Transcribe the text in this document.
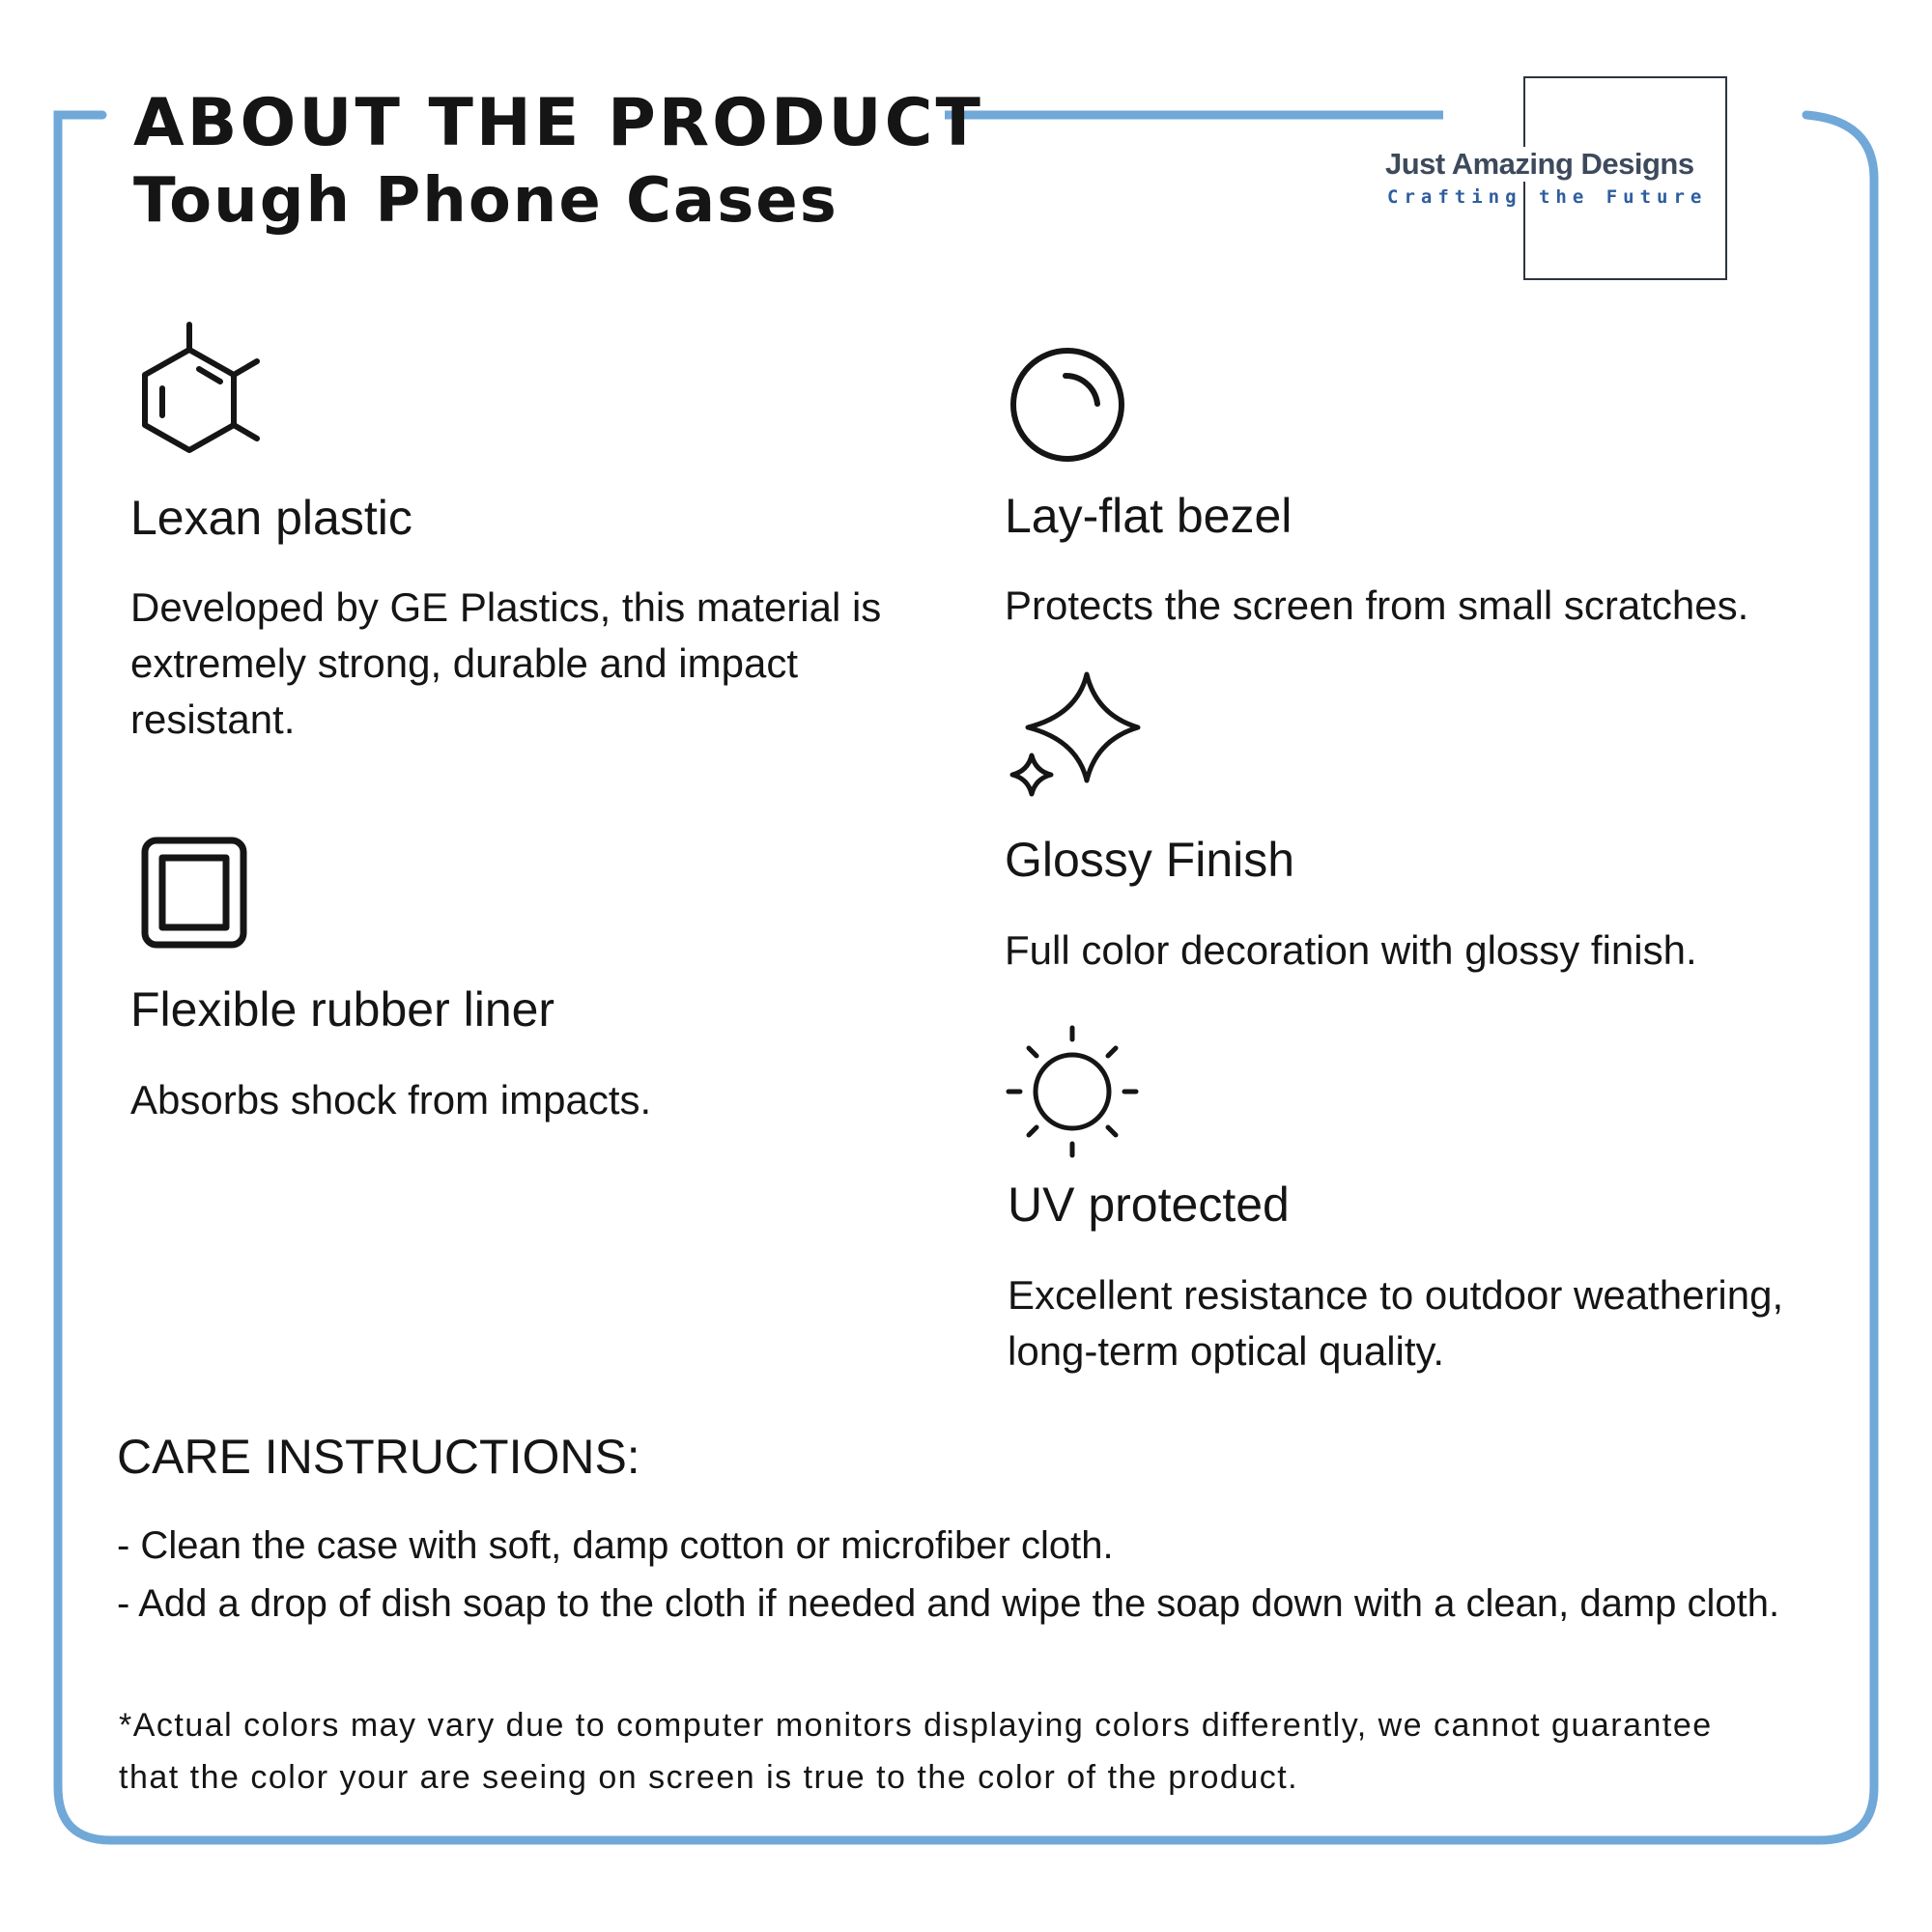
ABOUT THE PRODUCT
Tough Phone Cases
Just Amazing Designs
Crafting the Future
Lexan plastic
Developed by GE Plastics, this material is extremely strong, durable and impact resistant.
Flexible rubber liner
Absorbs shock from impacts.
Lay-flat bezel
Protects the screen from small scratches.
Glossy Finish
Full color decoration with glossy finish.
UV protected
Excellent resistance to outdoor weathering, long-term optical quality.
CARE INSTRUCTIONS:
- Clean the case with soft, damp cotton or microfiber cloth.
- Add a drop of dish soap to the cloth if needed and wipe the soap down with a clean, damp cloth.
*Actual colors may vary due to computer monitors displaying colors differently, we cannot guarantee
that the color your are seeing on screen is true to the color of the product.
